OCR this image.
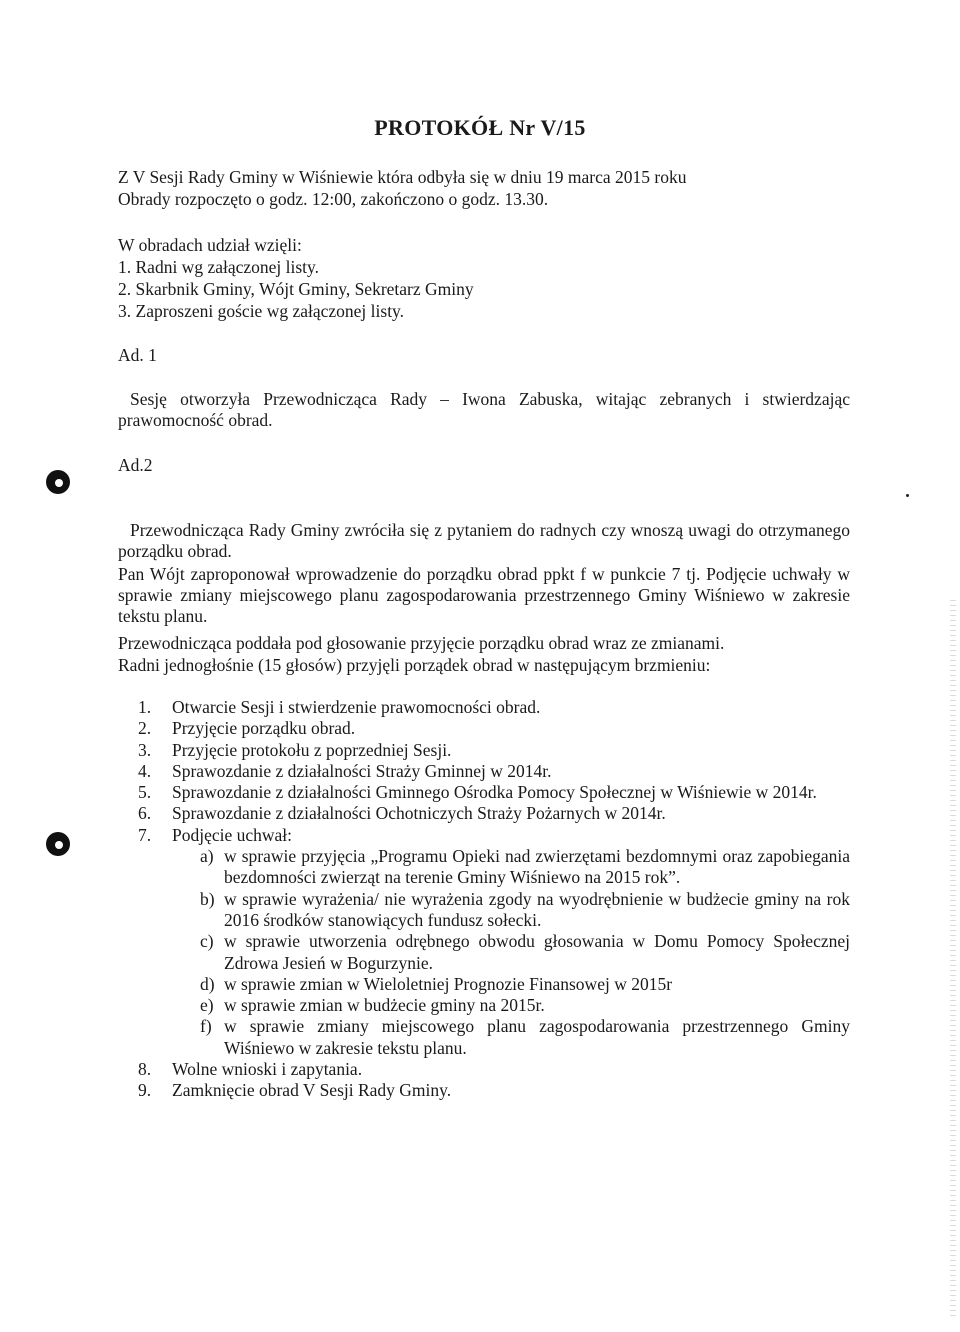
PROTOKÓŁ Nr V/15
Z V Sesji Rady Gminy w Wiśniewie która odbyła się w dniu 19 marca 2015 roku
Obrady rozpoczęto o godz. 12:00, zakończono o godz. 13.30.
W obradach udział wzięli:
1. Radni wg załączonej listy.
2. Skarbnik Gminy, Wójt Gminy, Sekretarz Gminy
3. Zaproszeni goście wg załączonej listy.
Ad. 1
Sesję otworzyła Przewodnicząca Rady – Iwona Zabuska, witając zebranych i stwierdzając prawomocność obrad.
Ad.2
Przewodnicząca Rady Gminy zwróciła się z pytaniem do radnych czy wnoszą uwagi do otrzymanego porządku obrad.
Pan Wójt zaproponował wprowadzenie do porządku obrad ppkt f w punkcie 7 tj. Podjęcie uchwały w sprawie zmiany miejscowego planu zagospodarowania przestrzennego Gminy Wiśniewo w zakresie tekstu planu.
Przewodnicząca poddała pod głosowanie przyjęcie porządku obrad wraz ze zmianami.
Radni jednogłośnie (15 głosów) przyjęli porządek obrad w następującym brzmieniu:
1. Otwarcie Sesji i stwierdzenie prawomocności obrad.
2. Przyjęcie porządku obrad.
3. Przyjęcie protokołu z poprzedniej Sesji.
4. Sprawozdanie z działalności Straży Gminnej w 2014r.
5. Sprawozdanie z działalności Gminnego Ośrodka Pomocy Społecznej w Wiśniewie w 2014r.
6. Sprawozdanie z działalności Ochotniczych Straży Pożarnych w 2014r.
7. Podjęcie uchwał:
a) w sprawie przyjęcia „Programu Opieki nad zwierzętami bezdomnymi oraz zapobiegania bezdomności zwierząt na terenie Gminy Wiśniewo na 2015 rok”.
b) w sprawie wyrażenia/ nie wyrażenia zgody na wyodrębnienie w budżecie gminy na rok 2016 środków stanowiących fundusz sołecki.
c) w sprawie utworzenia odrębnego obwodu głosowania w Domu Pomocy Społecznej Zdrowa Jesień w Bogurzynie.
d) w sprawie zmian w Wieloletniej Prognozie Finansowej w 2015r
e) w sprawie zmian w budżecie gminy na 2015r.
f) w sprawie zmiany miejscowego planu zagospodarowania przestrzennego Gminy Wiśniewo w zakresie tekstu planu.
8. Wolne wnioski i zapytania.
9. Zamknięcie obrad V Sesji Rady Gminy.
